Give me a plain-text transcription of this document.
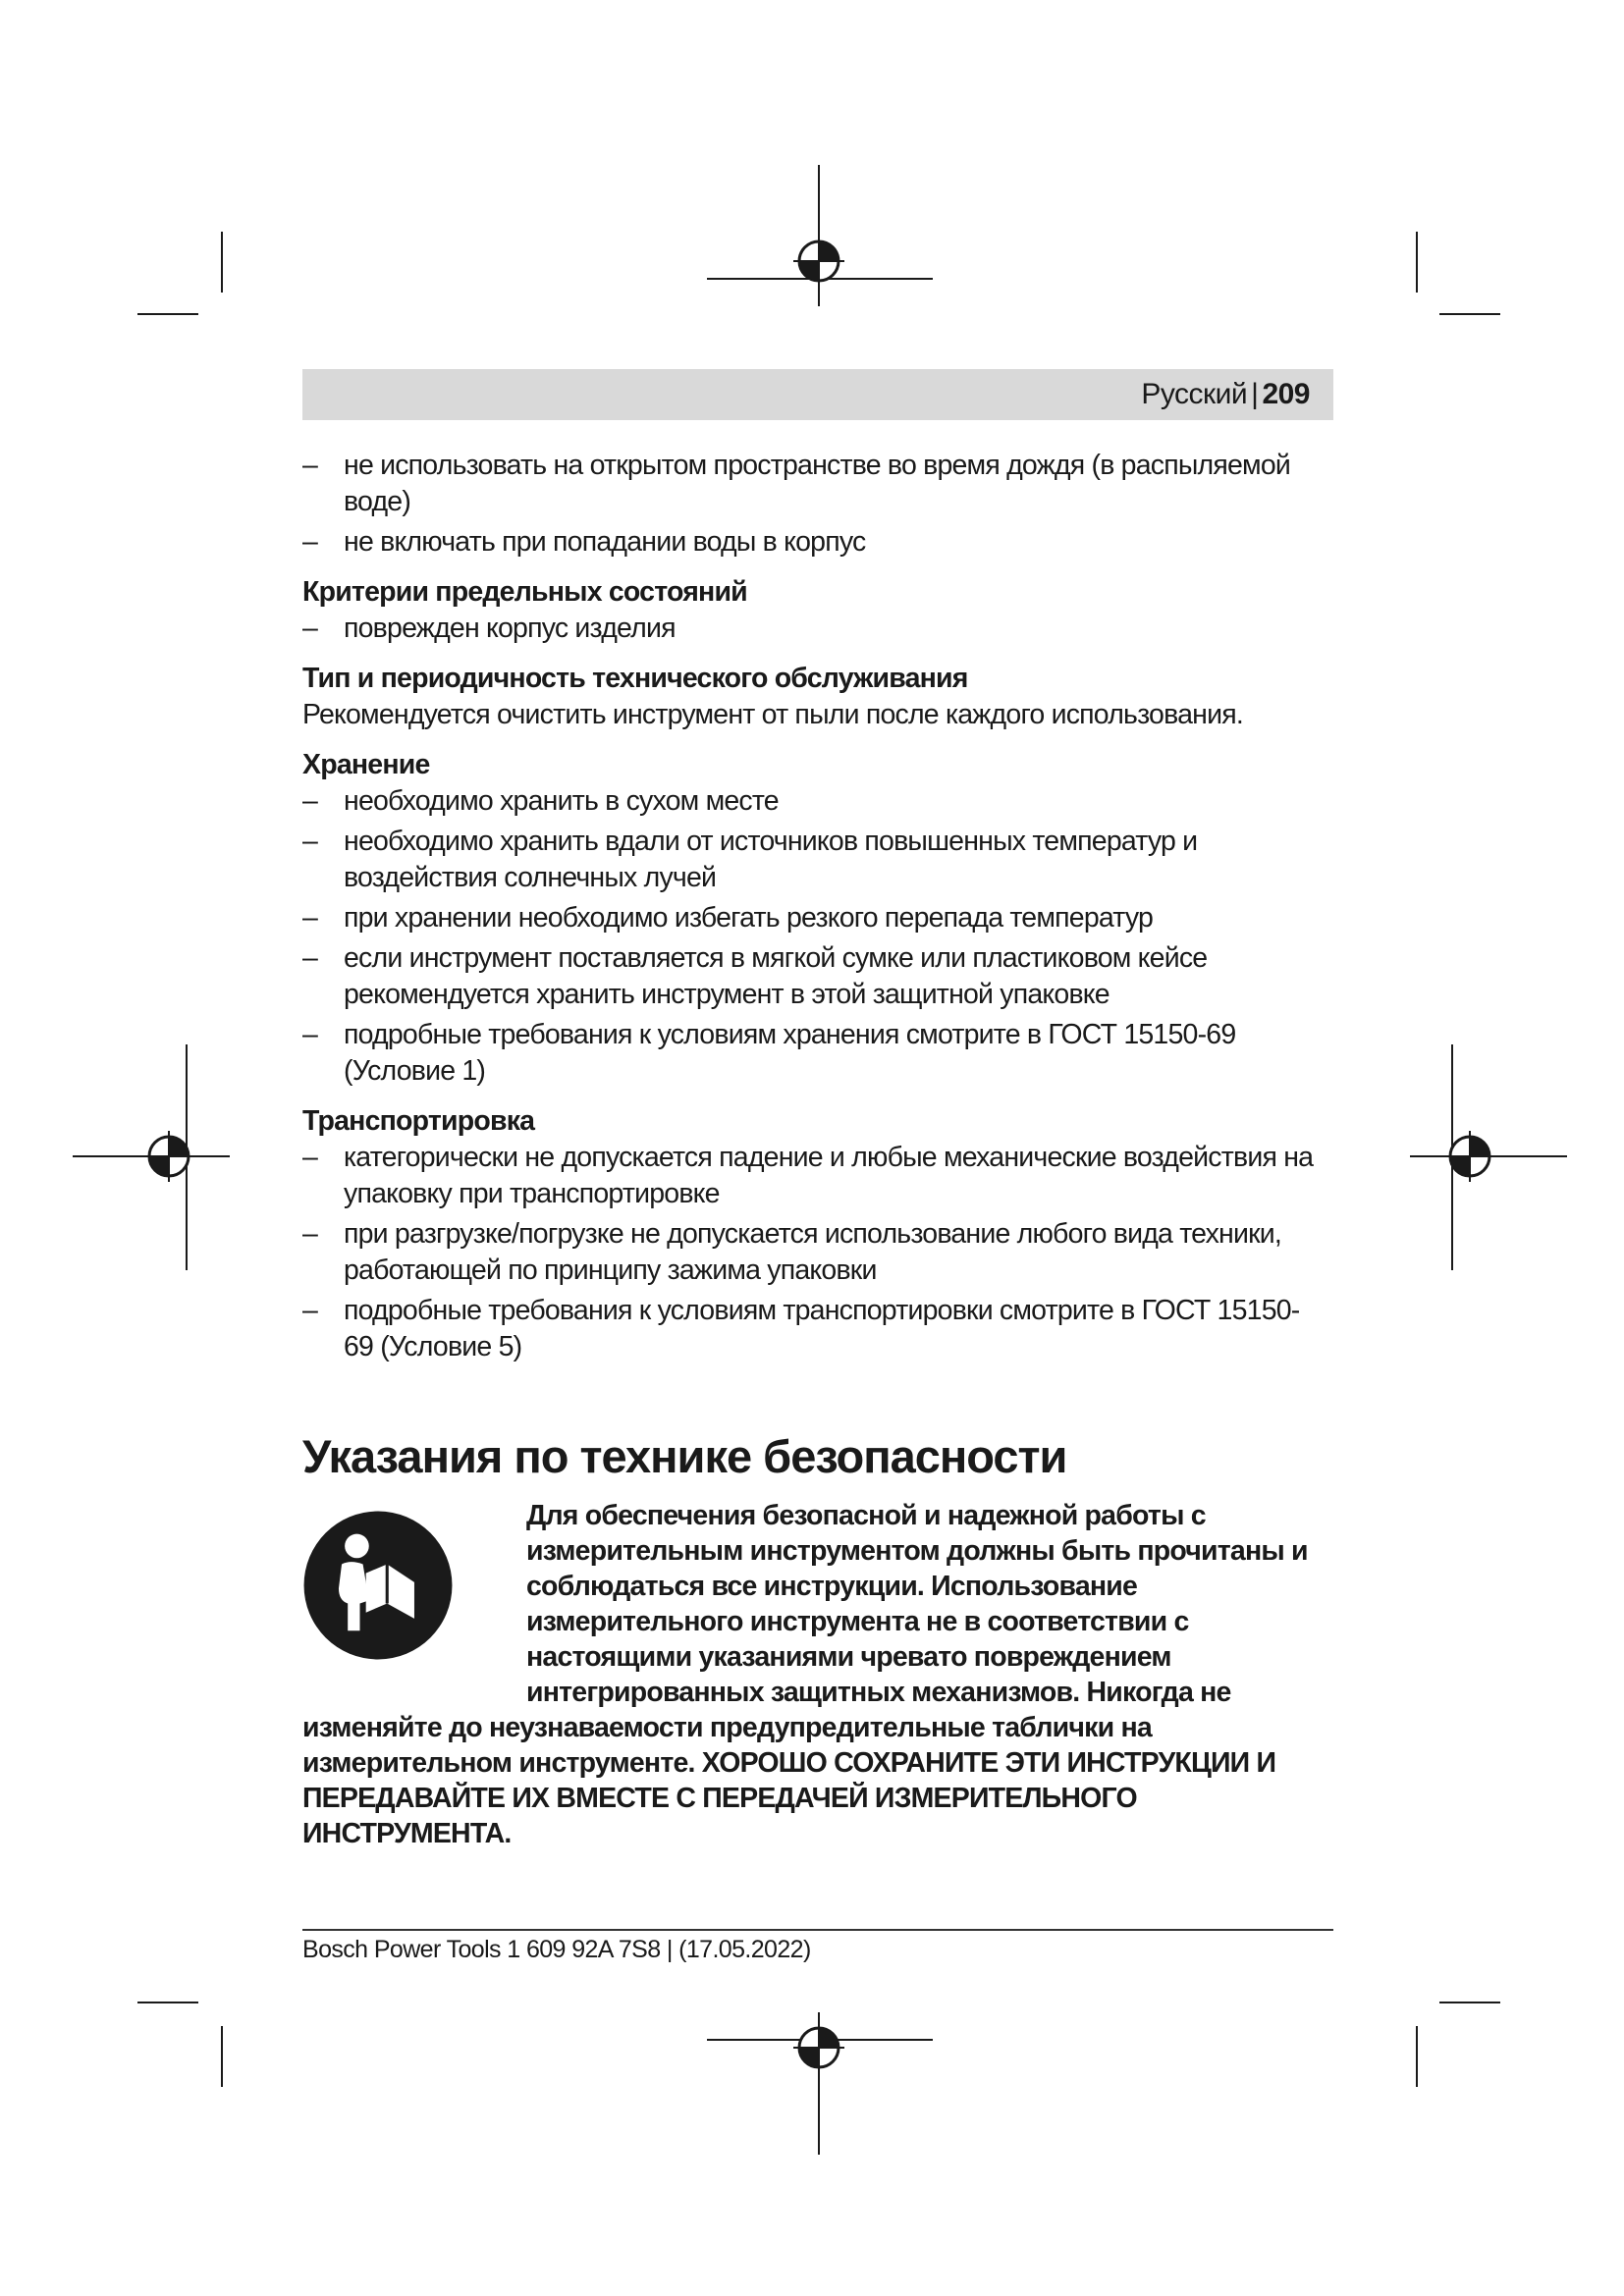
Русский | 209
– не использовать на открытом пространстве во время дождя (в распыляемой воде)
– не включать при попадании воды в корпус
Критерии предельных состояний
– поврежден корпус изделия
Тип и периодичность технического обслуживания

Рекомендуется очистить инструмент от пыли после каждого использования.

Хранение
– необходимо хранить в сухом месте
– необходимо хранить вдали от источников повышенных температур и воздействия солнечных лучей
– при хранении необходимо избегать резкого перепада температур
– если инструмент поставляется в мягкой сумке или пластиковом кейсе рекомендуется хранить инструмент в этой защитной упаковке
– подробные требования к условиям хранения смотрите в ГОСТ 15150-69 (Условие 1)
Транспортировка
– категорически не допускается падение и любые механические воздействия на упаковку при транспортировке
– при разгрузке/погрузке не допускается использование любого вида техники, работающей по принципу зажима упаковки
– подробные требования к условиям транспортировки смотрите в ГОСТ 15150-69 (Условие 5)
Указания по технике безопасности
Для обеспечения безопасной и надежной работы с измерительным инструментом должны быть прочитаны и соблюдаться все инструкции. Использование измерительного инструмента не в соответствии с настоящими указаниями чревато повреждением интегрированных защитных механизмов. Никогда не изменяйте до неузнаваемости предупредительные таблички на измерительном инструменте. ХОРОШО СОХРАНИТЕ ЭТИ ИНСТРУКЦИИ И ПЕРЕДАВАЙТЕ ИХ ВМЕСТЕ С ПЕРЕДАЧЕЙ ИЗМЕРИТЕЛЬНОГО ИНСТРУМЕНТА.
Bosch Power Tools 1 609 92A 7S8 | (17.05.2022)
